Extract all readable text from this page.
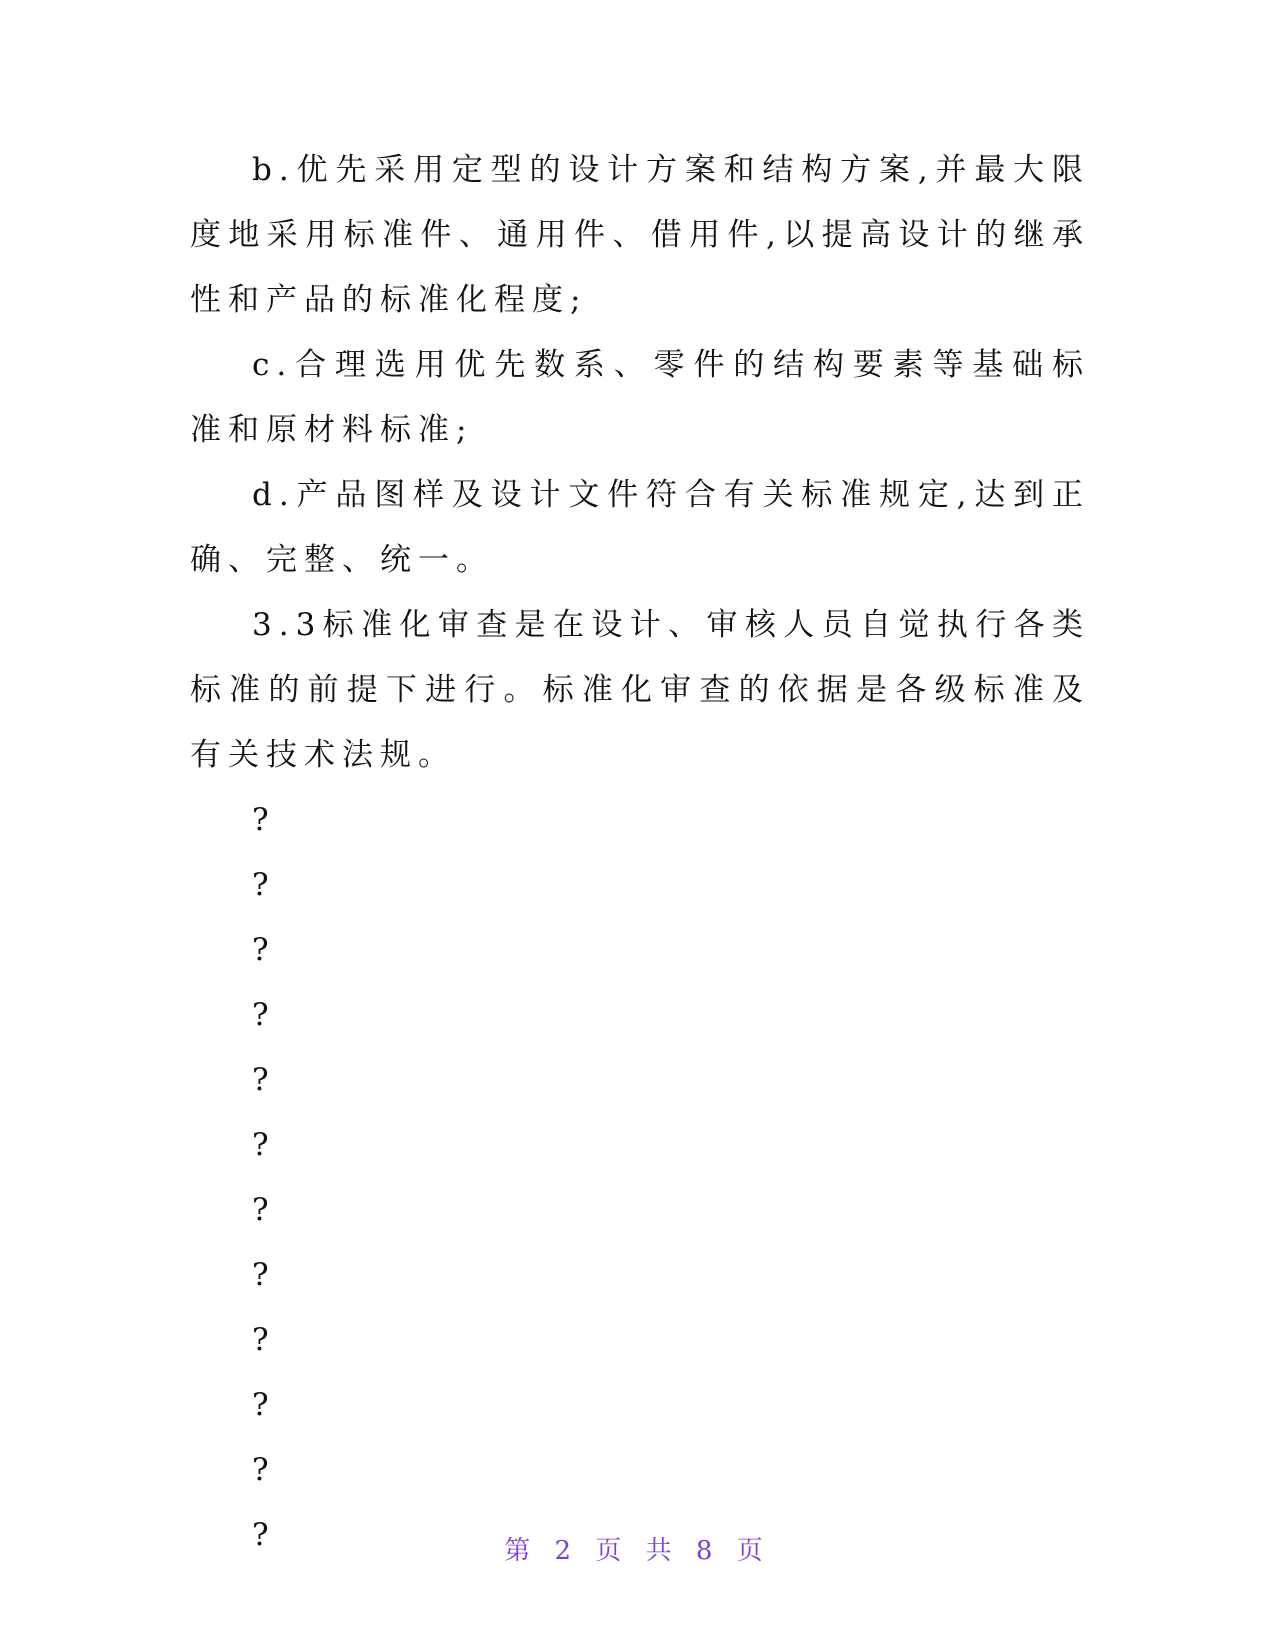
b.优先采用定型的设计方案和结构方案,并最大限度地采用标准件、通用件、借用件,以提高设计的继承性和产品的标准化程度;

c.合理选用优先数系、零件的结构要素等基础标准和原材料标准;

d.产品图样及设计文件符合有关标准规定,达到正确、完整、统一。

3.3标准化审查是在设计、审核人员自觉执行各类标准的前提下进行。标准化审查的依据是各级标准及有关技术法规。

?
?
?
?
?
?
?
?
?
?
?
?	第 2 页 共 8 页
